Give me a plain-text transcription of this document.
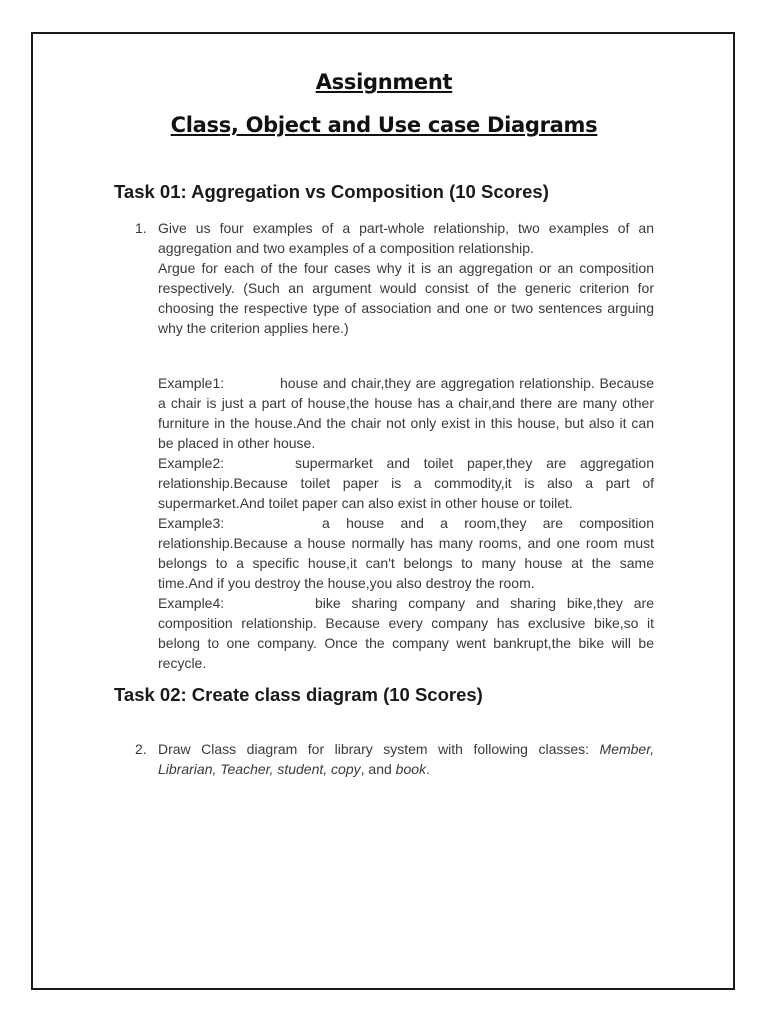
Assignment
Class, Object and Use case Diagrams
Task 01: Aggregation vs Composition (10 Scores)
1. Give us four examples of a part-whole relationship, two examples of an aggregation and two examples of a composition relationship.

Argue for each of the four cases why it is an aggregation or an composition respectively. (Such an argument would consist of the generic criterion for choosing the respective type of association and one or two sentences arguing why the criterion applies here.)

Example1:	house and chair,they are aggregation relationship. Because a chair is just a part of house,the house has a chair,and there are many other furniture in the house.And the chair not only exist in this house, but also it can be placed in other house.

Example2:	supermarket and toilet paper,they are aggregation relationship.Because toilet paper is a commodity,it is also a part of supermarket.And toilet paper can also exist in other house or toilet.

Example3:	a house and a room,they are composition relationship.Because a house normally has many rooms, and one room must belongs to a specific house,it can't belongs to many house at the same time.And if you destroy the house,you also destroy the room.

Example4:	bike sharing company and sharing bike,they are composition relationship. Because every company has exclusive bike,so it belong to one company. Once the company went bankrupt,the bike will be recycle.

Task 02: Create class diagram (10 Scores)
2. Draw Class diagram for library system with following classes: Member, Librarian, Teacher, student, copy, and book.
